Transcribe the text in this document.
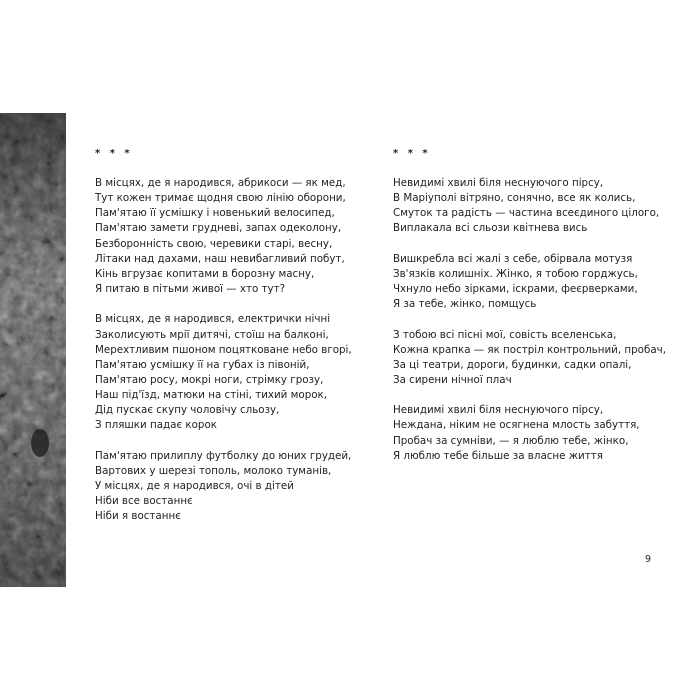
* * *
В місцях, де я народився, абрикоси — як мед,
Тут кожен тримає щодня свою лінію оборони,
Пам'ятаю її усмішку і новенький велосипед,
Пам'ятаю замети грудневі, запах одеколону,
Безборонність свою, черевики старі, весну,
Літаки над дахами, наш невибагливий побут,
Кінь вгрузає копитами в борозну масну,
Я питаю в пітьми живої — хто тут?
В місцях, де я народився, електрички нічні
Заколисують мрії дитячі, стоїш на балконі,
Мерехтливим пшоном поцятковане небо вгорі,
Пам'ятаю усмішку її на губах із півоній,
Пам'ятаю росу, мокрі ноги, стрімку грозу,
Наш під'їзд, матюки на стіні, тихий морок,
Дід пускає скупу чоловічу сльозу,
З пляшки падає корок
Пам'ятаю прилиплу футболку до юних грудей,
Вартових у шерезі тополь, молоко туманів,
У місцях, де я народився, очі в дітей
Ніби все востаннє
Ніби я востаннє
* * *
Невидимі хвилі біля неснуючого пірсу,
В Маріуполі вітряно, сонячно, все як колись,
Смуток та радість — частина всеєдиного цілого,
Виплакала всі сльози квітнева вись
Вишкребла всі жалі з себе, обірвала мотузя
Зв'язків колишніх. Жінко, я тобою горджусь,
Чхнуло небо зірками, іскрами, феєрверками,
Я за тебе, жінко, помщусь
З тобою всі пісні мої, совість вселенська,
Кожна крапка — як постріл контрольний, пробач,
За ці театри, дороги, будинки, садки опалі,
За сирени нічної плач
Невидимі хвилі біля неснуючого пірсу,
Нежданa, ніким не осягнена млость забуття,
Пробач за сумніви, — я люблю тебе, жінко,
Я люблю тебе більше за власне життя
9
